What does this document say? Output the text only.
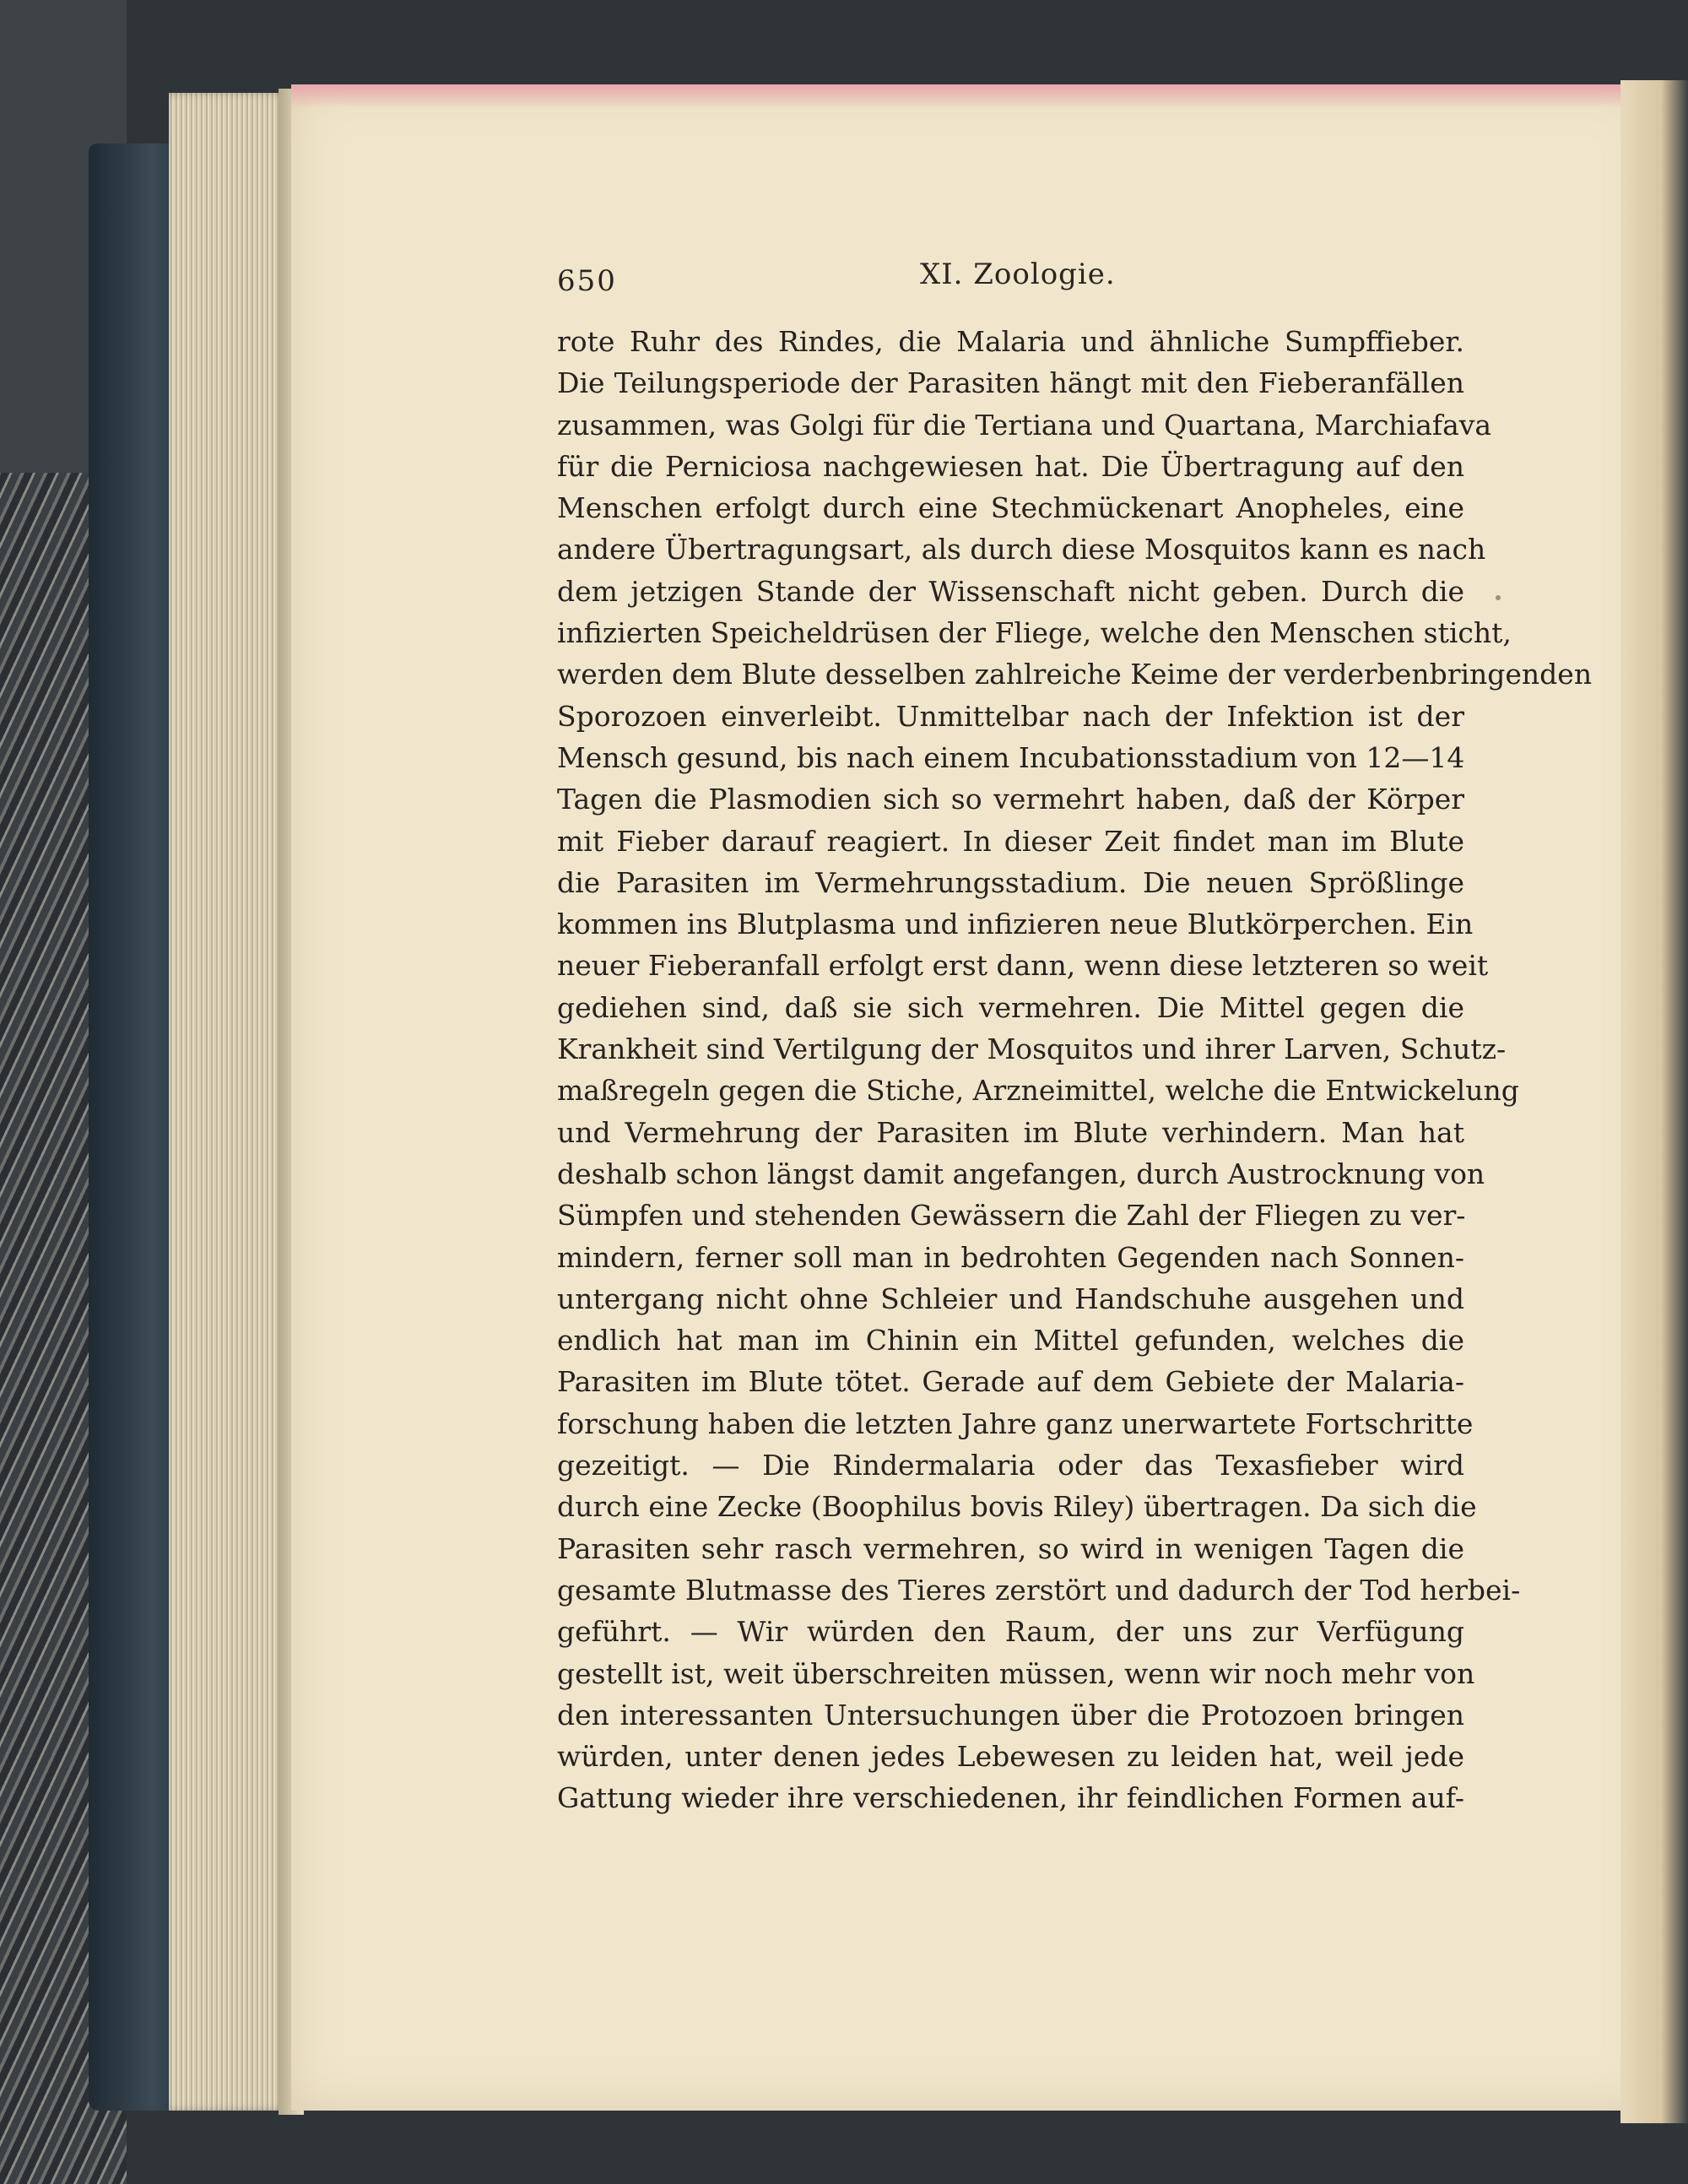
650	XI. Zoologie.
rote Ruhr des Rindes, die Malaria und ähnliche Sumpffieber.
Die Teilungsperiode der Parasiten hängt mit den Fieberanfällen
zusammen, was Golgi für die Tertiana und Quartana, Marchiafava
für die Perniciosa nachgewiesen hat. Die Übertragung auf den
Menschen erfolgt durch eine Stechmückenart Anopheles, eine
andere Übertragungsart, als durch diese Mosquitos kann es nach
dem jetzigen Stande der Wissenschaft nicht geben. Durch die
infizierten Speicheldrüsen der Fliege, welche den Menschen sticht,
werden dem Blute desselben zahlreiche Keime der verderbenbringenden
Sporozoen einverleibt. Unmittelbar nach der Infektion ist der
Mensch gesund, bis nach einem Incubationsstadium von 12—14
Tagen die Plasmodien sich so vermehrt haben, daß der Körper
mit Fieber darauf reagiert. In dieser Zeit findet man im Blute
die Parasiten im Vermehrungsstadium. Die neuen Sprößlinge
kommen ins Blutplasma und infizieren neue Blutkörperchen. Ein
neuer Fieberanfall erfolgt erst dann, wenn diese letzteren so weit
gediehen sind, daß sie sich vermehren. Die Mittel gegen die
Krankheit sind Vertilgung der Mosquitos und ihrer Larven, Schutz-
maßregeln gegen die Stiche, Arzneimittel, welche die Entwickelung
und Vermehrung der Parasiten im Blute verhindern. Man hat
deshalb schon längst damit angefangen, durch Austrocknung von
Sümpfen und stehenden Gewässern die Zahl der Fliegen zu ver-
mindern, ferner soll man in bedrohten Gegenden nach Sonnen-
untergang nicht ohne Schleier und Handschuhe ausgehen und
endlich hat man im Chinin ein Mittel gefunden, welches die
Parasiten im Blute tötet. Gerade auf dem Gebiete der Malaria-
forschung haben die letzten Jahre ganz unerwartete Fortschritte
gezeitigt. — Die Rindermalaria oder das Texasfieber wird
durch eine Zecke (Boophilus bovis Riley) übertragen. Da sich die
Parasiten sehr rasch vermehren, so wird in wenigen Tagen die
gesamte Blutmasse des Tieres zerstört und dadurch der Tod herbei-
geführt. — Wir würden den Raum, der uns zur Verfügung
gestellt ist, weit überschreiten müssen, wenn wir noch mehr von
den interessanten Untersuchungen über die Protozoen bringen
würden, unter denen jedes Lebewesen zu leiden hat, weil jede
Gattung wieder ihre verschiedenen, ihr feindlichen Formen auf-
